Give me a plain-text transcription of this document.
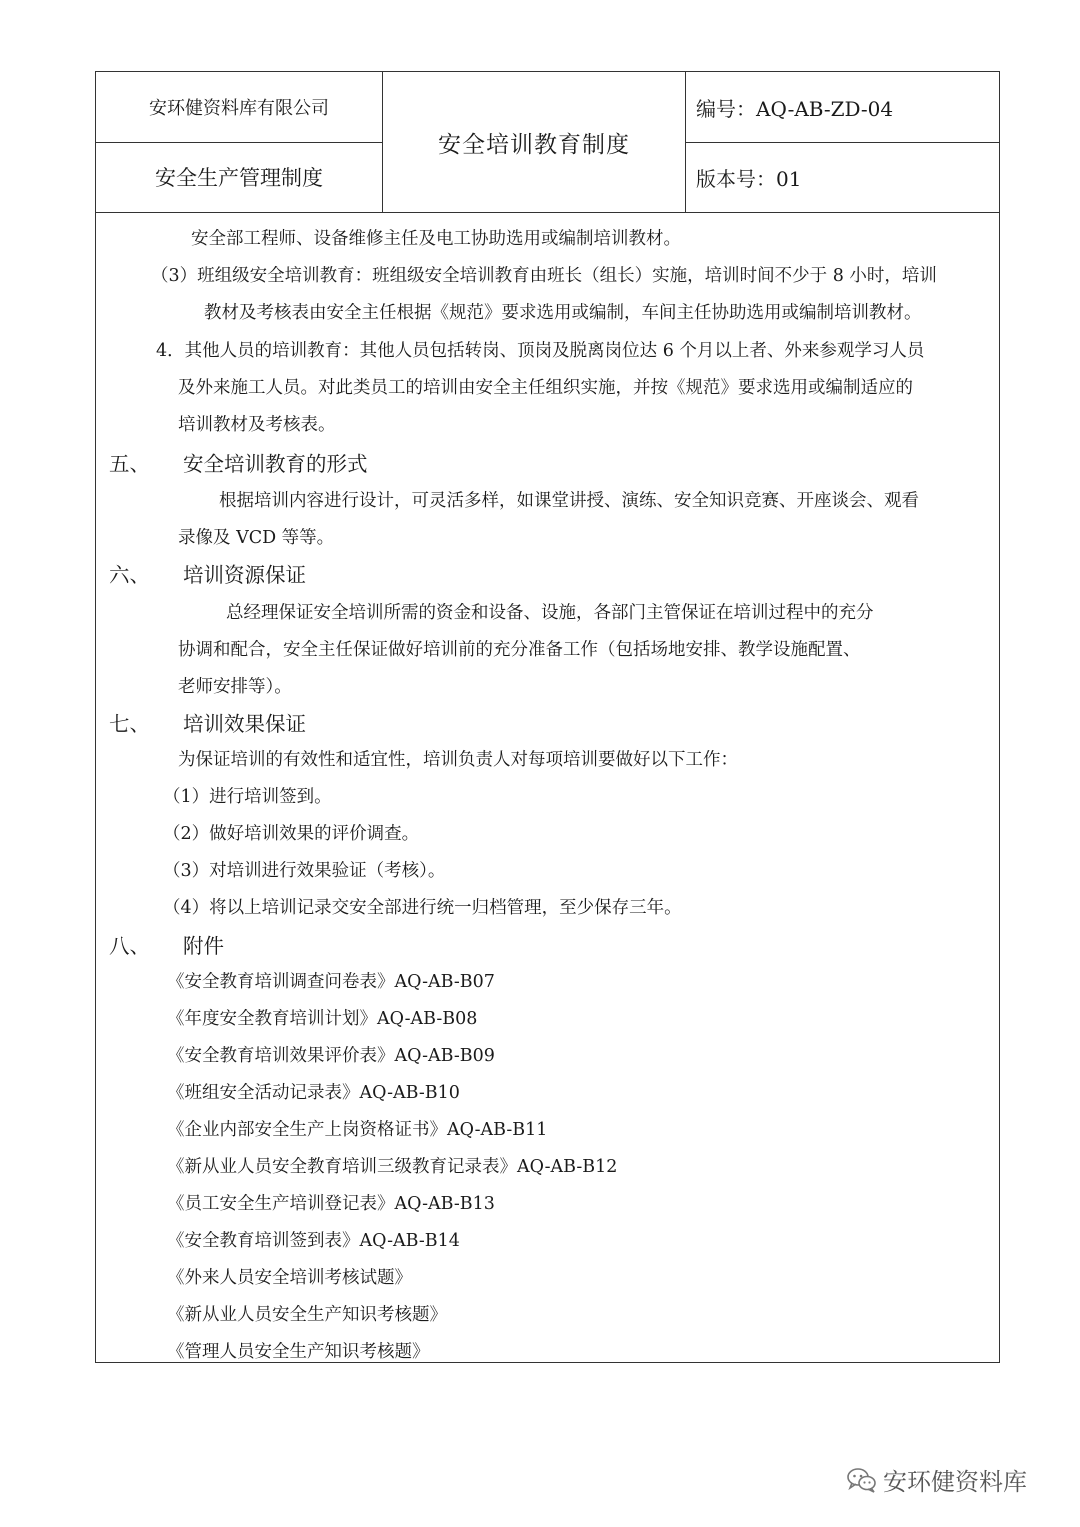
安环健资料库有限公司
安全生产管理制度
安全培训教育制度
编号：AQ-AB-ZD-04
版本号：01
安全部工程师、设备维修主任及电工协助选用或编制培训教材。
（3）班组级安全培训教育：班组级安全培训教育由班长（组长）实施，培训时间不少于 8 小时，培训
教材及考核表由安全主任根据《规范》要求选用或编制，车间主任协助选用或编制培训教材。
4．其他人员的培训教育：其他人员包括转岗、顶岗及脱离岗位达 6 个月以上者、外来参观学习人员
及外来施工人员。对此类员工的培训由安全主任组织实施，并按《规范》要求选用或编制适应的
培训教材及考核表。
五、 安全培训教育的形式
根据培训内容进行设计，可灵活多样，如课堂讲授、演练、安全知识竞赛、开座谈会、观看
录像及 VCD 等等。
六、 培训资源保证
总经理保证安全培训所需的资金和设备、设施，各部门主管保证在培训过程中的充分
协调和配合，安全主任保证做好培训前的充分准备工作（包括场地安排、教学设施配置、
老师安排等）。
七、 培训效果保证
为保证培训的有效性和适宜性，培训负责人对每项培训要做好以下工作：
（1）进行培训签到。
（2）做好培训效果的评价调查。
（3）对培训进行效果验证（考核）。
（4）将以上培训记录交安全部进行统一归档管理，至少保存三年。
八、 附件
《安全教育培训调查问卷表》AQ-AB-B07
《年度安全教育培训计划》AQ-AB-B08
《安全教育培训效果评价表》AQ-AB-B09
《班组安全活动记录表》AQ-AB-B10
《企业内部安全生产上岗资格证书》AQ-AB-B11
《新从业人员安全教育培训三级教育记录表》AQ-AB-B12
《员工安全生产培训登记表》AQ-AB-B13
《安全教育培训签到表》AQ-AB-B14
《外来人员安全培训考核试题》
《新从业人员安全生产知识考核题》
《管理人员安全生产知识考核题》
安环健资料库
